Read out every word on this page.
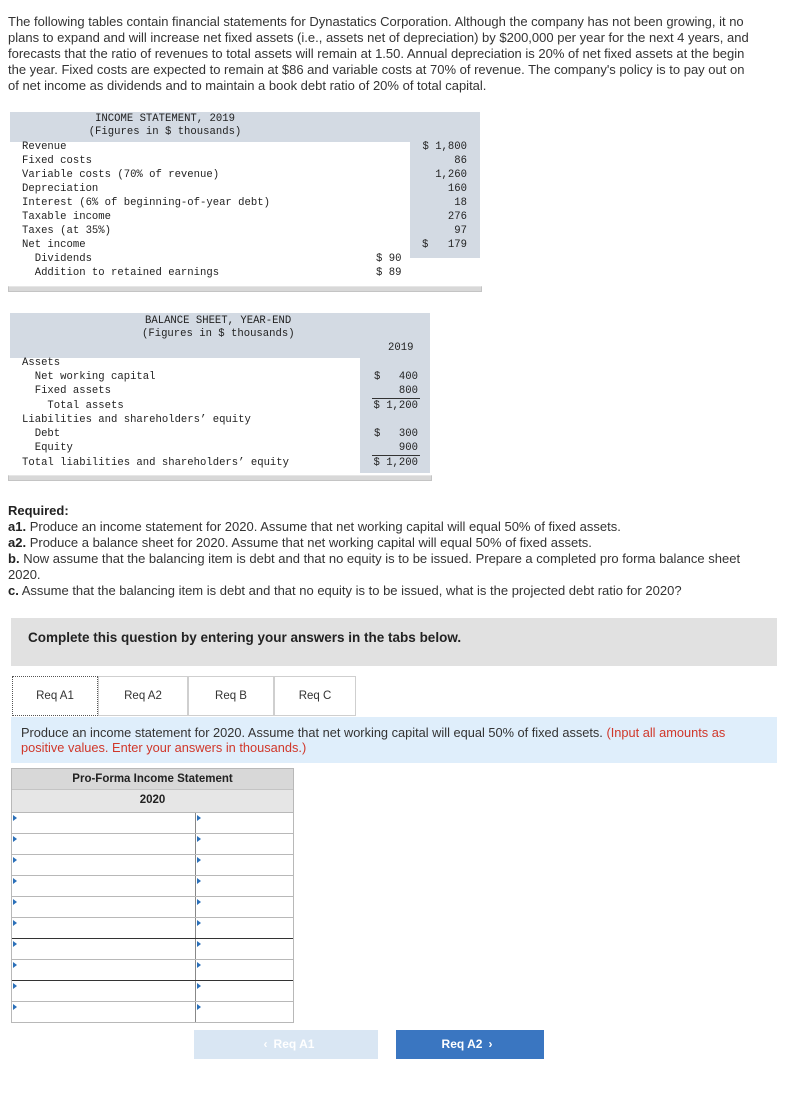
The following tables contain financial statements for Dynastatics Corporation. Although the company has not been growing, it no
plans to expand and will increase net fixed assets (i.e., assets net of depreciation) by $200,000 per year for the next 4 years, and
forecasts that the ratio of revenues to total assets will remain at 1.50. Annual depreciation is 20% of net fixed assets at the begin
the year. Fixed costs are expected to remain at $86 and variable costs at 70% of revenue. The company's policy is to pay out on
of net income as dividends and to maintain a book debt ratio of 20% of total capital.
INCOME STATEMENT, 2019
(Figures in $ thousands)
Revenue	$ 1,800
Fixed costs	86
Variable costs (70% of revenue)	1,260
Depreciation	160
Interest (6% of beginning-of-year debt)	18
Taxable income	276
Taxes (at 35%)	97
Net income	$	179
Dividends	$ 90
Addition to retained earnings	$ 89
BALANCE SHEET, YEAR-END
(Figures in $ thousands)
2019
Assets
Net working capital	$	400
Fixed assets	800
Total assets	$ 1,200
Liabilities and shareholders’ equity
Debt	$	300
Equity	900
Total liabilities and shareholders’ equity	$ 1,200
Required:
a1. Produce an income statement for 2020. Assume that net working capital will equal 50% of fixed assets.
a2. Produce a balance sheet for 2020. Assume that net working capital will equal 50% of fixed assets.
b. Now assume that the balancing item is debt and that no equity is to be issued. Prepare a completed pro forma balance sheet
2020.
c. Assume that the balancing item is debt and that no equity is to be issued, what is the projected debt ratio for 2020?
Complete this question by entering your answers in the tabs below.
Req A1	Req A2	Req B	Req C
Produce an income statement for 2020. Assume that net working capital will equal 50% of fixed assets. (Input all amounts as positive values. Enter your answers in thousands.)
Pro-Forma Income Statement
2020
‹ Req A1	Req A2 ›
